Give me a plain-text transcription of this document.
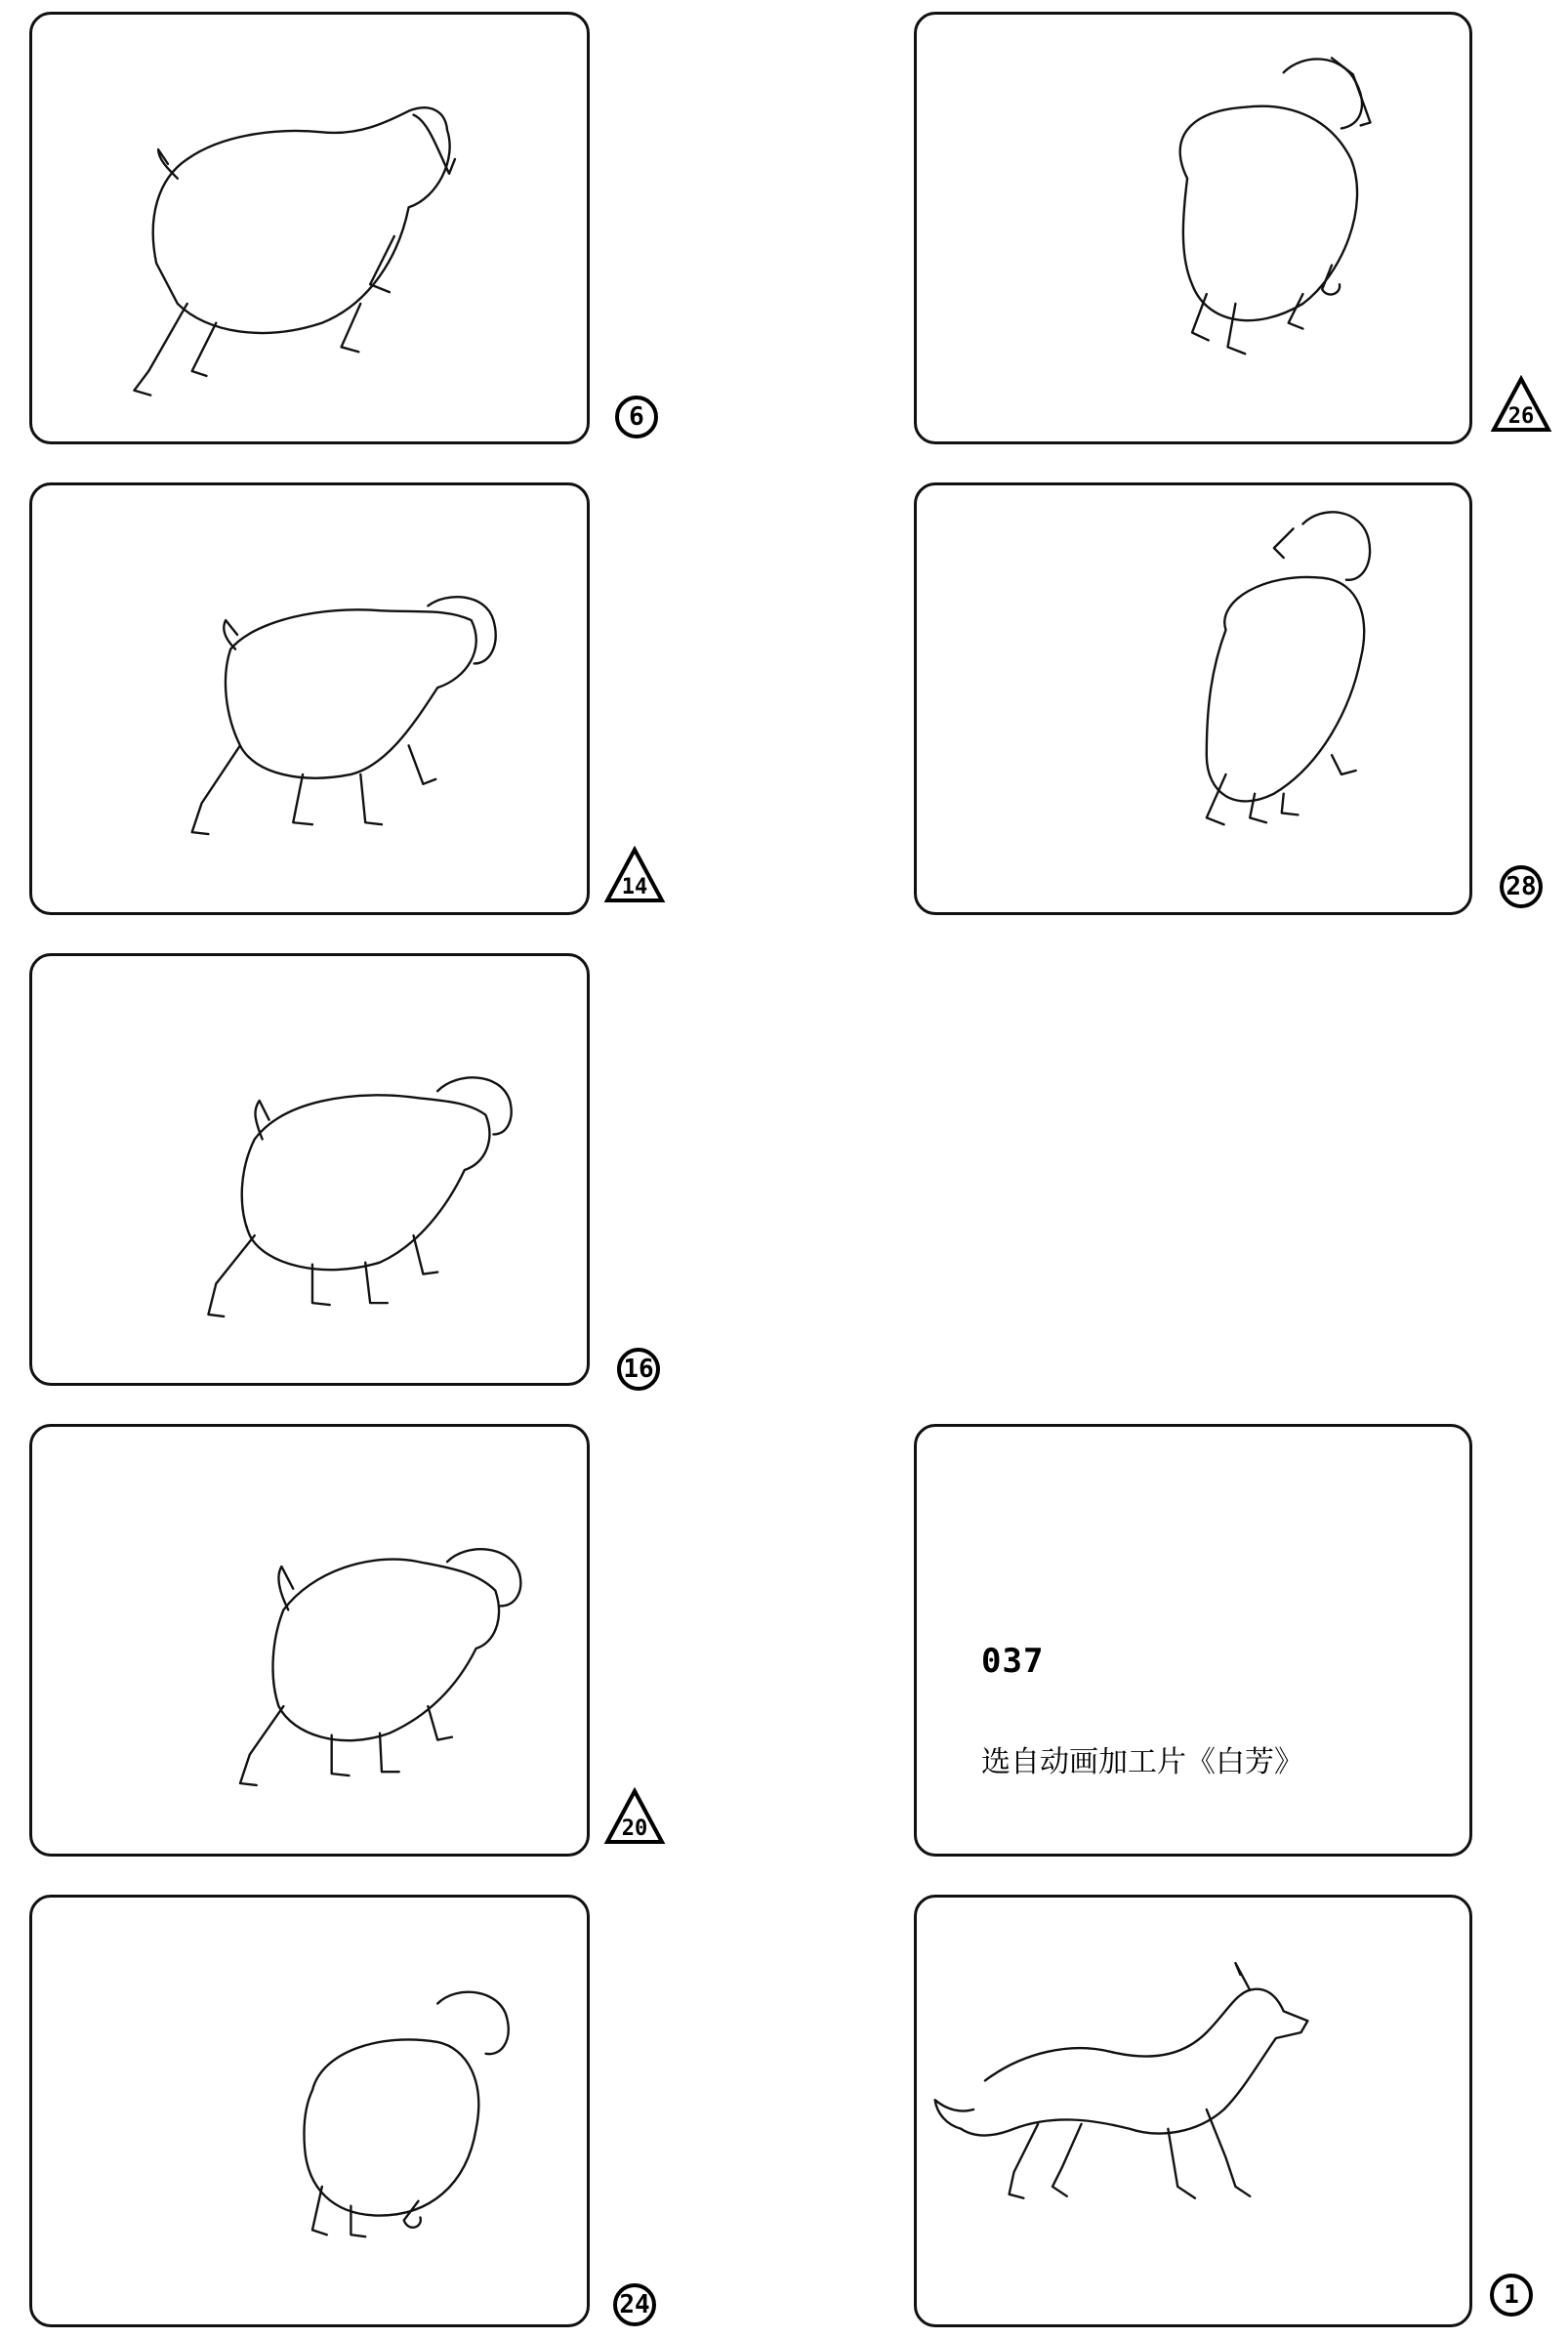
6	26
14	28
16
20
037
选自动画加工片《白芳》
24	1
